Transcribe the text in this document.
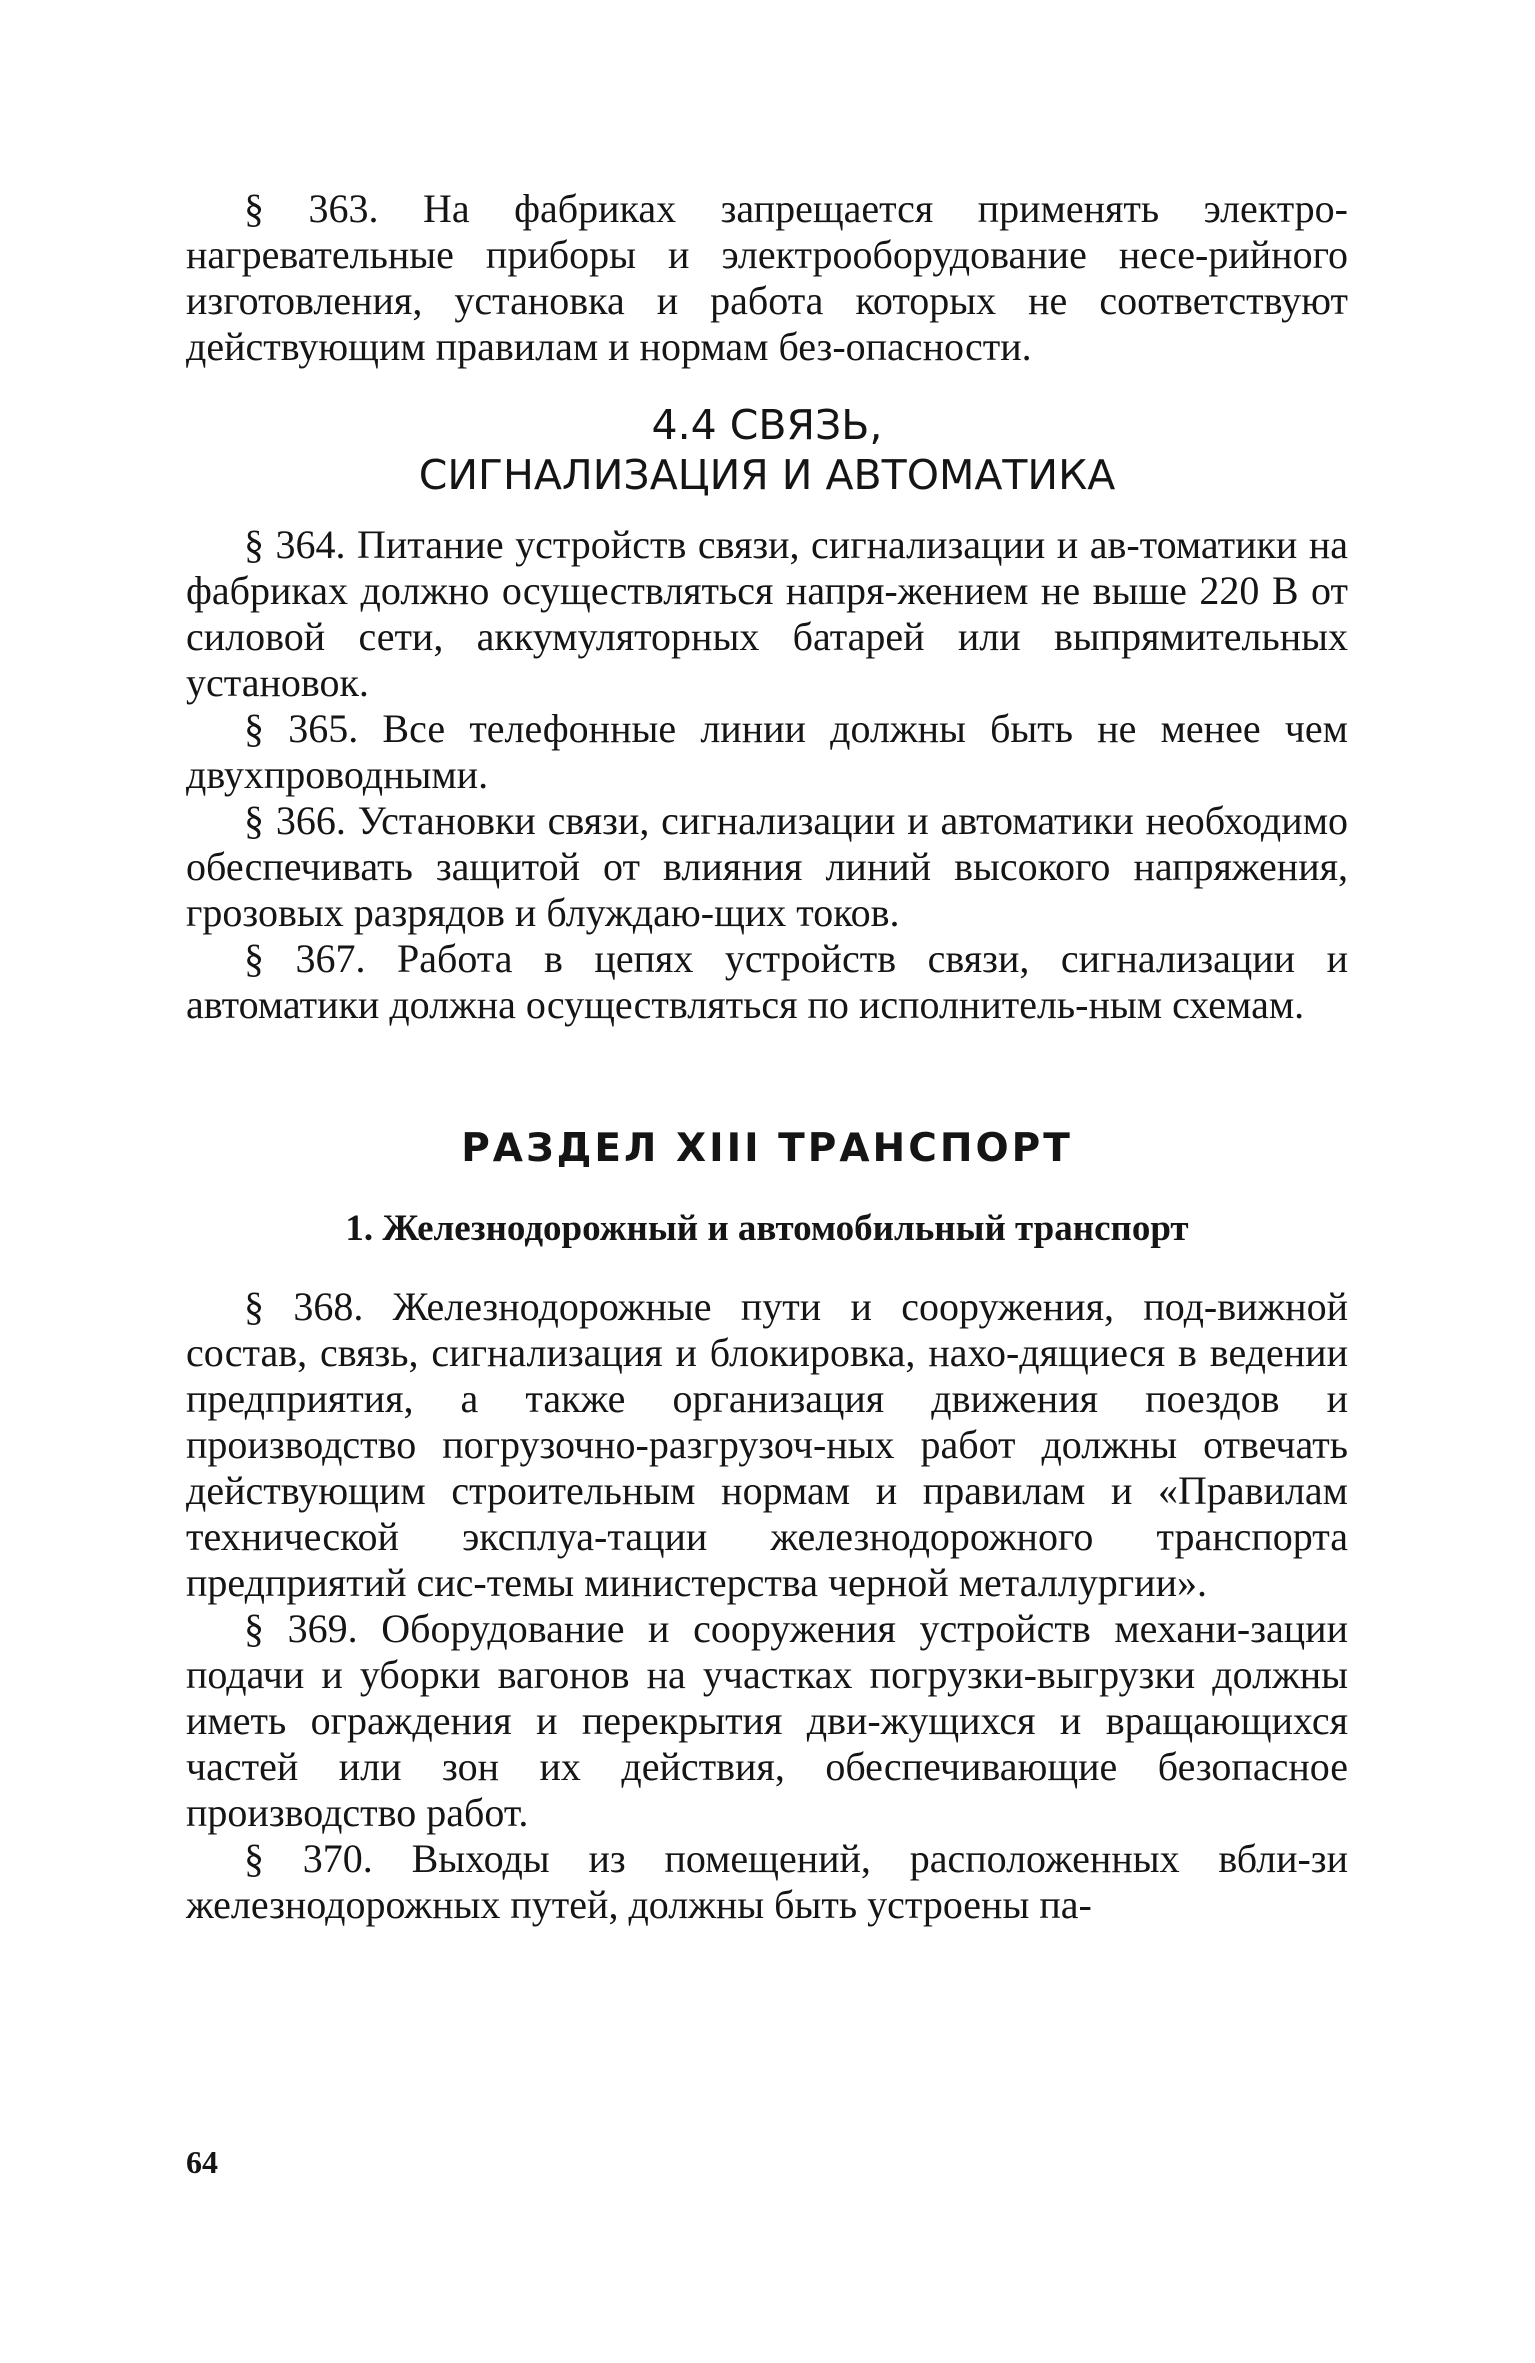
§ 363. На фабриках запрещается применять электро-нагревательные приборы и электрооборудование несе-рийного изготовления, установка и работа которых не соответствуют действующим правилам и нормам без-опасности.

4.4 СВЯЗЬ,
СИГНАЛИЗАЦИЯ И АВТОМАТИКА

§ 364. Питание устройств связи, сигнализации и ав-томатики на фабриках должно осуществляться напря-жением не выше 220 В от силовой сети, аккумуляторных батарей или выпрямительных установок.

§ 365. Все телефонные линии должны быть не менее чем двухпроводными.

§ 366. Установки связи, сигнализации и автоматики необходимо обеспечивать защитой от влияния линий высокого напряжения, грозовых разрядов и блуждаю-щих токов.

§ 367. Работа в цепях устройств связи, сигнализации и автоматики должна осуществляться по исполнитель-ным схемам.

РАЗДЕЛ XIII ТРАНСПОРТ
1. Железнодорожный и автомобильный транспорт

§ 368. Железнодорожные пути и сооружения, под-вижной состав, связь, сигнализация и блокировка, нахо-дящиеся в ведении предприятия, а также организация движения поездов и производство погрузочно-разгрузоч-ных работ должны отвечать действующим строительным нормам и правилам и «Правилам технической эксплуа-тации железнодорожного транспорта предприятий сис-темы министерства черной металлургии».

§ 369. Оборудование и сооружения устройств механи-зации подачи и уборки вагонов на участках погрузки-выгрузки должны иметь ограждения и перекрытия дви-жущихся и вращающихся частей или зон их действия, обеспечивающие безопасное производство работ.

§ 370. Выходы из помещений, расположенных вбли-зи железнодорожных путей, должны быть устроены па-

64
